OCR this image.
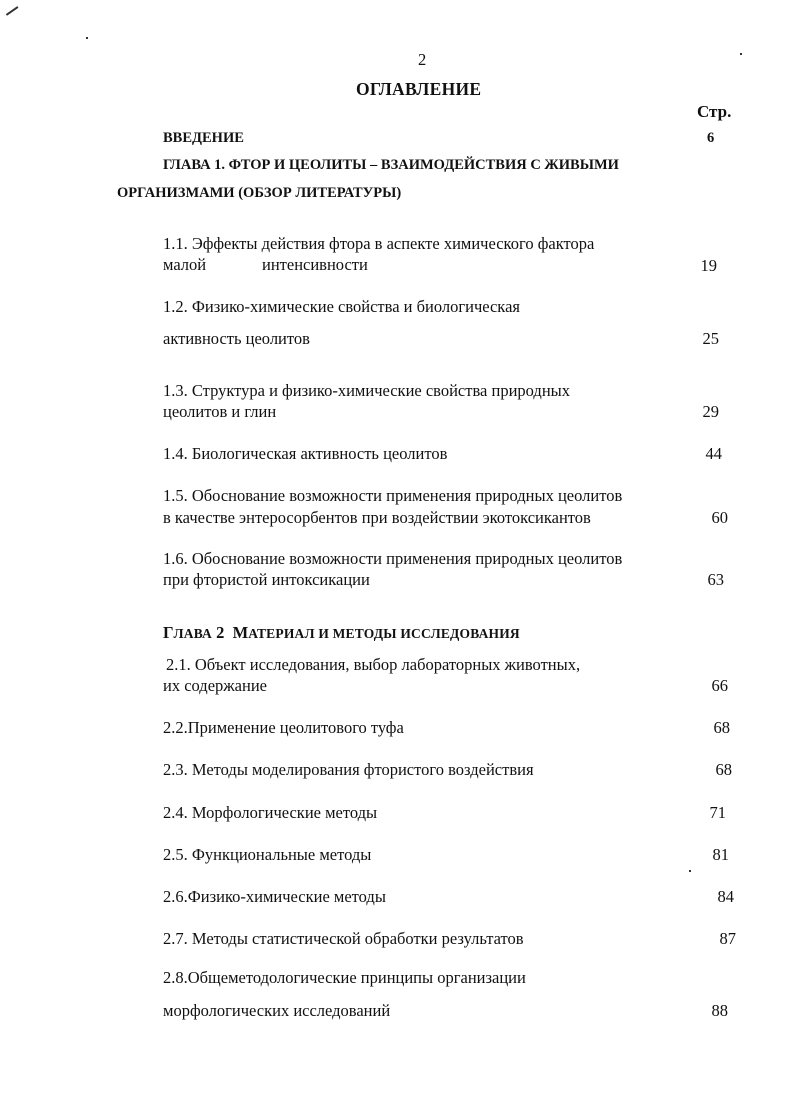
2
ОГЛАВЛЕНИЕ
Стр.
ВВЕДЕНИЕ	6
ГЛАВА 1. ФТОР И ЦЕОЛИТЫ – ВЗАИМОДЕЙСТВИЯ С ЖИВЫМИ
ОРГАНИЗМАМИ (ОБЗОР ЛИТЕРАТУРЫ)
1.1. Эффекты действия фтора в аспекте химического фактора
малой	интенсивности	19
1.2. Физико-химические свойства и биологическая
активность цеолитов	25
1.3. Структура и физико-химические свойства природных
цеолитов и глин	29
1.4. Биологическая активность цеолитов	44
1.5. Обоснование возможности применения природных цеолитов
в качестве энтеросорбентов при воздействии экотоксикантов	60
1.6. Обоснование возможности применения природных цеолитов
при фтористой интоксикации	63
ГЛАВА 2 МАТЕРИАЛ И МЕТОДЫ ИССЛЕДОВАНИЯ
2.1. Объект исследования, выбор лабораторных животных,
их содержание	66
2.2.Применение цеолитового туфа	68
2.3. Методы моделирования фтористого воздействия	68
2.4. Морфологические методы	71
2.5. Функциональные методы	81
2.6.Физико-химические методы	84
2.7. Методы статистической обработки результатов	87
2.8.Общеметодологические принципы организации
морфологических исследований	88
